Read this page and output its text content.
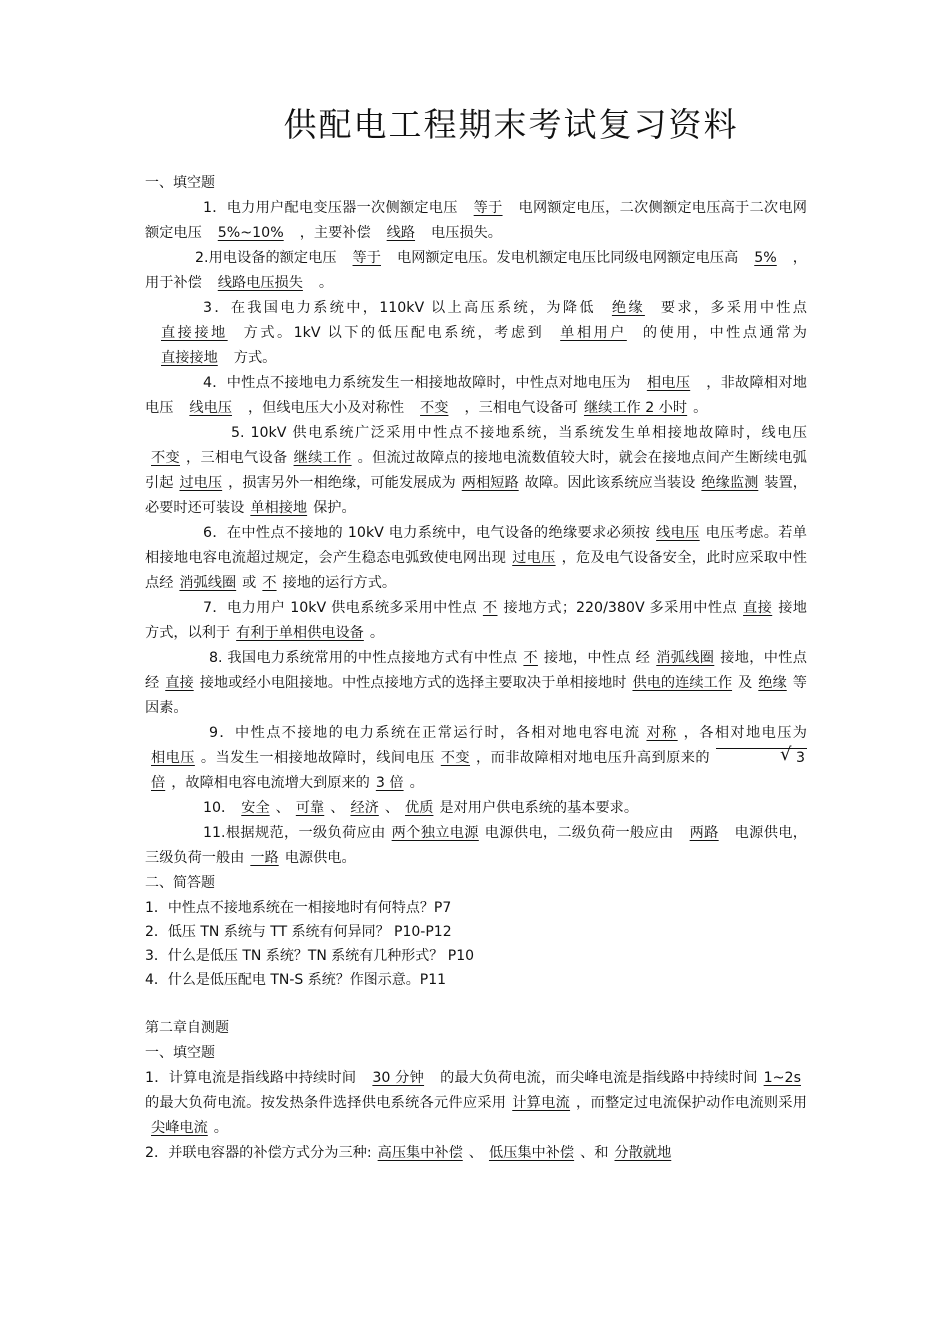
供配电工程期末考试复习资料
一、填空题

1．电力用户配电变压器一次侧额定电压 等于 电网额定电压，二次侧额定电压高于二次电网额定电压 5%~10% ，主要补偿 线路 电压损失。

2.用电设备的额定电压 等于 电网额定电压。发电机额定电压比同级电网额定电压高 5% ，用于补偿 线路电压损失 。

3．在我国电力系统中，110kV 以上高压系统，为降低 绝缘 要求，多采用中性点直接接地 方式。1kV 以下的低压配电系统，考虑到 单相用户 的使用，中性点通常为直接接地 方式。

4．中性点不接地电力系统发生一相接地故障时，中性点对地电压为 相电压 ，非故障相对地电压 线电压 ，但线电压大小及对称性 不变 ，三相电气设备可 继续工作 2 小时 。

5. 10kV 供电系统广泛采用中性点不接地系统，当系统发生单相接地故障时，线电压不变 ，三相电气设备 继续工作 。但流过故障点的接地电流数值较大时，就会在接地点间产生断续电弧引起 过电压 ，损害另外一相绝缘，可能发展成为 两相短路 故障。因此该系统应当装设 绝缘监测 装置，必要时还可装设 单相接地 保护。

6．在中性点不接地的 10kV 电力系统中，电气设备的绝缘要求必须按 线电压 电压考虑。若单相接地电容电流超过规定，会产生稳态电弧致使电网出现 过电压 ，危及电气设备安全，此时应采取中性点经 消弧线圈 或 不 接地的运行方式。

7．电力用户 10kV 供电系统多采用中性点 不 接地方式；220/380V 多采用中性点 直接 接地方式，以利于 有利于单相供电设备 。

8. 我国电力系统常用的中性点接地方式有中性点 不 接地，中性点 经 消弧线圈 接地，中性点经 直接 接地或经小电阻接地。中性点接地方式的选择主要取决于单相接地时 供电的连续工作 及 绝缘 等因素。

9．中性点不接地的电力系统在正常运行时，各相对地电容电流 对称 ，各相对地电压为相电压 。当发生一相接地故障时，线间电压 不变 ，而非故障相对地电压升高到原来的√	3倍 ，故障相电容电流增大到原来的 3 倍 。

10． 安全 、 可靠 、 经济 、 优质 是对用户供电系统的基本要求。

11.根据规范，一级负荷应由 两个独立电源 电源供电，二级负荷一般应由 两路 电源供电，三级负荷一般由 一路 电源供电。

二、简答题

1．中性点不接地系统在一相接地时有何特点？P7

2．低压 TN 系统与 TT 系统有何异同？ P10-P12

3．什么是低压 TN 系统？TN 系统有几种形式？ P10

4．什么是低压配电 TN-S 系统？作图示意。P11

第二章自测题
一、填空题

1．计算电流是指线路中持续时间 30 分钟 的最大负荷电流，而尖峰电流是指线路中持续时间 1~2s的最大负荷电流。按发热条件选择供电系统各元件应采用 计算电流 ，而整定过电流保护动作电流则采用尖峰电流 。

2．并联电容器的补偿方式分为三种: 高压集中补偿 、 低压集中补偿 、和 分散就地
